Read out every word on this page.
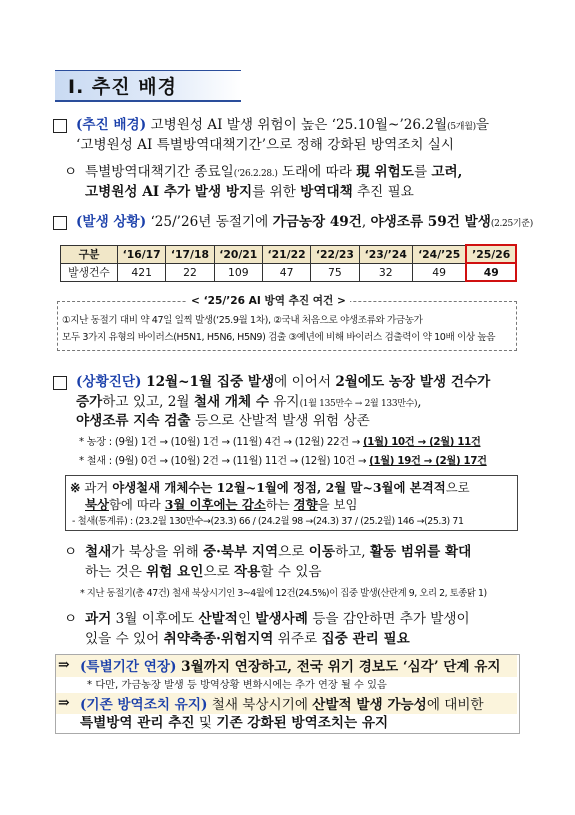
Ⅰ. 추진 배경
(추진 배경) 고병원성 AI 발생 위험이 높은 ‘25.10월~’26.2월(5개월)을
‘고병원성 AI 특별방역대책기간’으로 정해 강화된 방역조치 실시
ㅇ 특별방역대책기간 종료일(‘26.2.28.) 도래에 따라 現 위험도를 고려,
고병원성 AI 추가 발생 방지를 위한 방역대책 추진 필요
(발생 상황) ‘25/’26년 동절기에 가금농장 49건, 야생조류 59건 발생(2.25기준)
구분	‘16/17	‘17/18	‘20/21	‘21/22	‘22/23	‘23/’24	‘24/’25	’25/26
발생건수	421	22	109	47	75	32	49	49
< ‘25/’26 AI 방역 추진 여건 >
①지난 동절기 대비 약 47일 일찍 발생(‘25.9월 1차), ②국내 처음으로 야생조류와 가금농가
모두 3가지 유형의 바이러스(H5N1, H5N6, H5N9) 검출 ③예년에 비해 바이러스 검출력이 약 10배 이상 높음
(상황진단) 12월~1월 집중 발생에 이어서 2월에도 농장 발생 건수가
증가하고 있고, 2월 철새 개체 수 유지(1월 135만수 → 2월 133만수),
야생조류 지속 검출 등으로 산발적 발생 위험 상존
* 농장 : (9월) 1건 → (10월) 1건 → (11월) 4건 → (12월) 22건 → (1월) 10건 → (2월) 11건
* 철새 : (9월) 0건 → (10월) 2건 → (11월) 11건 → (12월) 10건 → (1월) 19건 → (2월) 17건
※ 과거 야생철새 개체수는 12월~1월에 정점, 2월 말~3월에 본격적으로
북상함에 따라 3월 이후에는 감소하는 경향을 보임
- 철새(통계류) : (23.2월 130만수→(23.3) 66 / (24.2월 98 →(24.3) 37 / (25.2월) 146 →(25.3) 71
ㅇ 철새가 북상을 위해 중·북부 지역으로 이동하고, 활동 범위를 확대
하는 것은 위험 요인으로 작용할 수 있음
* 지난 동절기(총 47건) 철새 북상시기인 3~4월에 12건(24.5%)이 집중 발생(산란계 9, 오리 2, 토종닭 1)
ㅇ 과거 3월 이후에도 산발적인 발생사례 등을 감안하면 추가 발생이
있을 수 있어 취약축종·위험지역 위주로 집중 관리 필요
⇒ (특별기간 연장) 3월까지 연장하고, 전국 위기 경보도 ‘심각’ 단계 유지
* 다만, 가금농장 발생 등 방역상황 변화시에는 추가 연장 될 수 있음
⇒ (기존 방역조치 유지) 철새 북상시기에 산발적 발생 가능성에 대비한
특별방역 관리 추진 및 기존 강화된 방역조치는 유지
